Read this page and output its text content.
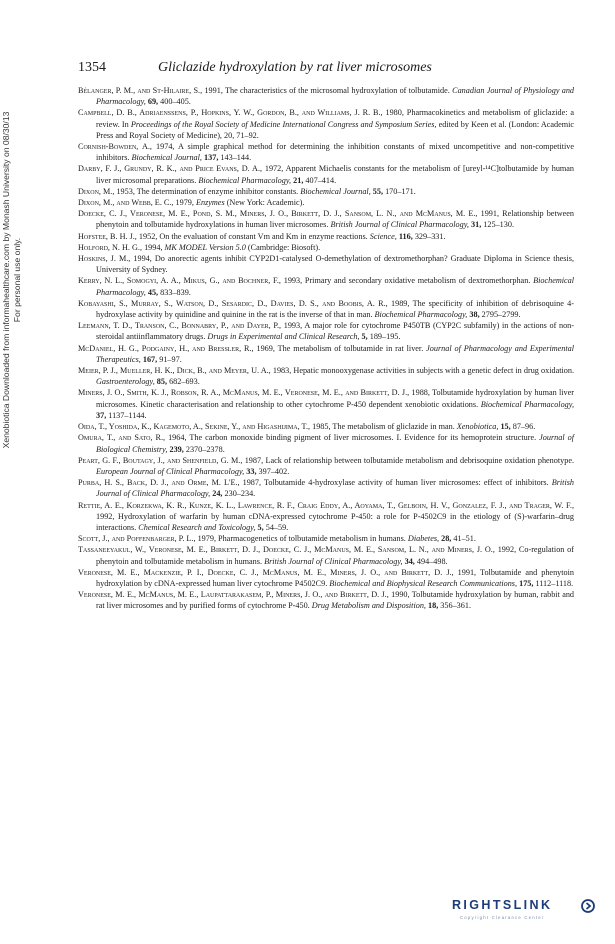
1354	Gliclazide hydroxylation by rat liver microsomes
Xenobiotica Downloaded from informahealthcare.com by Monash University on 08/30/13 For personal use only.

Bélanger, P. M., and St-Hilaire, S., 1991, The characteristics of the microsomal hydroxylation of tolbutamide. Canadian Journal of Physiology and Pharmacology, 69, 400–405.

Campbell, D. B., Adriaenssens, P., Hopkins, Y. W., Gordon, B., and Williams, J. R. B., 1980, Pharmacokinetics and metabolism of gliclazide: a review. In Proceedings of the Royal Society of Medicine International Congress and Symposium Series, edited by Keen et al. (London: Academic Press and Royal Society of Medicine), 20, 71–92.

Cornish-Bowden, A., 1974, A simple graphical method for determining the inhibition constants of mixed uncompetitive and non-competitive inhibitors. Biochemical Journal, 137, 143–144.

Darby, F. J., Grundy, R. K., and Price Evans, D. A., 1972, Apparent Michaelis constants for the metabolism of [ureyl-¹⁴C]tolbutamide by human liver microsomal preparations. Biochemical Pharmacology, 21, 407–414.

Dixon, M., 1953, The determination of enzyme inhibitor constants. Biochemical Journal, 55, 170–171.

Dixon, M., and Webb, E. C., 1979, Enzymes (New York: Academic).

Doecke, C. J., Veronese, M. E., Pond, S. M., Miners, J. O., Birkett, D. J., Sansom, L. N., and McManus, M. E., 1991, Relationship between phenytoin and tolbutamide hydroxylations in human liver microsomes. British Journal of Clinical Pharmacology, 31, 125–130.

Hofstee, B. H. J., 1952, On the evaluation of constant Vm and Km in enzyme reactions. Science, 116, 329–331.

Holford, N. H. G., 1994, MK MODEL Version 5.0 (Cambridge: Biosoft).

Hoskins, J. M., 1994, Do anorectic agents inhibit CYP2D1-catalysed O-demethylation of dextromethorphan? Graduate Diploma in Science thesis, University of Sydney.

Kerry, N. L., Somogyi, A. A., Mikus, G., and Bochner, F., 1993, Primary and secondary oxidative metabolism of dextromethorphan. Biochemical Pharmacology, 45, 833–839.

Kobayashi, S., Murray, S., Watson, D., Sesardic, D., Davies, D. S., and Boobis, A. R., 1989, The specificity of inhibition of debrisoquine 4-hydroxylase activity by quinidine and quinine in the rat is the inverse of that in man. Biochemical Pharmacology, 38, 2795–2799.

Leemann, T. D., Transon, C., Bonnabry, P., and Dayer, P., 1993, A major role for cytochrome P450TB (CYP2C subfamily) in the actions of non-steroidal antiinflammatory drugs. Drugs in Experimental and Clinical Research, 5, 189–195.

McDaniel, H. G., Podgainy, H., and Bressler, R., 1969, The metabolism of tolbutamide in rat liver. Journal of Pharmacology and Experimental Therapeutics, 167, 91–97.

Meier, P. J., Mueller, H. K., Dick, B., and Meyer, U. A., 1983, Hepatic monooxygenase activities in subjects with a genetic defect in drug oxidation. Gastroenterology, 85, 682–693.

Miners, J. O., Smith, K. J., Robson, R. A., McManus, M. E., Veronese, M. E., and Birkett, D. J., 1988, Tolbutamide hydroxylation by human liver microsomes. Kinetic characterisation and relationship to other cytochrome P-450 dependent xenobiotic oxidations. Biochemical Pharmacology, 37, 1137–1144.

Oida, T., Yoshida, K., Kagemoto, A., Sekine, Y., and Higashijima, T., 1985, The metabolism of gliclazide in man. Xenobiotica, 15, 87–96.

Omura, T., and Sato, R., 1964, The carbon monoxide binding pigment of liver microsomes. I. Evidence for its hemoprotein structure. Journal of Biological Chemistry, 239, 2370–2378.

Peart, G. F., Boutagy, J., and Shenfield, G. M., 1987, Lack of relationship between tolbutamide metabolism and debrisoquine oxidation phenotype. European Journal of Clinical Pharmacology, 33, 397–402.

Purba, H. S., Back, D. J., and Orme, M. L'E., 1987, Tolbutamide 4-hydroxylase activity of human liver microsomes: effect of inhibitors. British Journal of Clinical Pharmacology, 24, 230–234.

Rettie, A. E., Korzekwa, K. R., Kunze, K. L., Lawrence, R. F., Craig Eddy, A., Aoyama, T., Gelboin, H. V., Gonzalez, F. J., and Trager, W. F., 1992, Hydroxylation of warfarin by human cDNA-expressed cytochrome P-450: a role for P-4502C9 in the etiology of (S)-warfarin–drug interactions. Chemical Research and Toxicology, 5, 54–59.

Scott, J., and Poffenbarger, P. L., 1979, Pharmacogenetics of tolbutamide metabolism in humans. Diabetes, 28, 41–51.

Tassaneeyakul, W., Veronese, M. E., Birkett, D. J., Doecke, C. J., McManus, M. E., Sansom, L. N., and Miners, J. O., 1992, Co-regulation of phenytoin and tolbutamide metabolism in humans. British Journal of Clinical Pharmacology, 34, 494–498.

Veronese, M. E., Mackenzie, P. I., Doecke, C. J., McManus, M. E., Miners, J. O., and Birkett, D. J., 1991, Tolbutamide and phenytoin hydroxylation by cDNA-expressed human liver cytochrome P4502C9. Biochemical and Biophysical Research Communications, 175, 1112–1118.

Veronese, M. E., McManus, M. E., Laupattarakasem, P., Miners, J. O., and Birkett, D. J., 1990, Tolbutamide hydroxylation by human, rabbit and rat liver microsomes and by purified forms of cytochrome P-450. Drug Metabolism and Disposition, 18, 356–361.

RIGHTSLINK
Copyright Clearance Center
